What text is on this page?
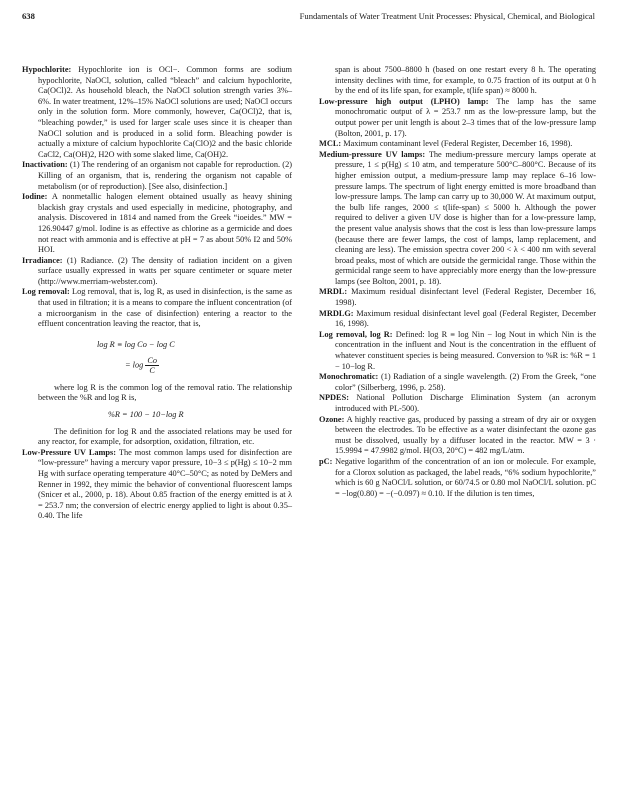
638	Fundamentals of Water Treatment Unit Processes: Physical, Chemical, and Biological

Hypochlorite: Hypochlorite ion is OCl−. Common forms are sodium hypochlorite, NaOCl, solution, called “bleach” and calcium hypochlorite, Ca(OCl)2. As household bleach, the NaOCl solution strength varies 3%–6%. In water treatment, 12%–15% NaOCl solutions are used; NaOCl occurs only in the solution form. More commonly, however, Ca(OCl)2, that is, “bleaching powder,” is used for larger scale uses since it is cheaper than NaOCl solution and is produced in a solid form. Bleaching powder is actually a mixture of calcium hypochlorite Ca(ClO)2 and the basic chloride CaCl2, Ca(OH)2, H2O with some slaked lime, Ca(OH)2.

Inactivation: (1) The rendering of an organism not capable for reproduction. (2) Killing of an organism, that is, rendering the organism not capable of metabolism (or of reproduction). [See also, disinfection.]

Iodine: A nonmetallic halogen element obtained usually as heavy shining blackish gray crystals and used especially in medicine, photography, and analysis. Discovered in 1814 and named from the Greek “ioeides.” MW = 126.90447 g/mol. Iodine is as effective as chlorine as a germicide and does not react with ammonia and is effective at pH = 7 as about 50% I2 and 50% HOI.

Irradiance: (1) Radiance. (2) The density of radiation incident on a given surface usually expressed in watts per square centimeter or square meter (http://www.merriam-webster.com).

Log removal: Log removal, that is, log R, as used in disinfection, is the same as that used in filtration; it is a means to compare the influent concentration (of a microorganism in the case of disinfection) entering a reactor to the effluent concentration leaving the reactor, that is,

log R ≡ log Co − log C
= $\log \frac{Co}{C}$

where log R is the common log of the removal ratio. The relationship between the %R and log R is,

%R = 100 − 10−log R

The definition for log R and the associated relations may be used for any reactor, for example, for adsorption, oxidation, filtration, etc.

Low-Pressure UV Lamps: The most common lamps used for disinfection are “low-pressure” having a mercury vapor pressure, 10−3 ≤ p(Hg) ≤ 10−2 mm Hg with surface operating temperature 40°C–50°C; as noted by DeMers and Renner in 1992, they mimic the behavior of conventional fluorescent lamps (Snicer et al., 2000, p. 18). About 0.85 fraction of the energy emitted is at λ = 253.7 nm; the conversion of electric energy applied to light is about 0.35–0.40. The life

span is about 7500–8800 h (based on one restart every 8 h. The operating intensity declines with time, for example, to 0.75 fraction of its output at 0 h by the end of its life span, for example, t(life span) ≈ 8000 h.

Low-pressure high output (LPHO) lamp: The lamp has the same monochromatic output of λ = 253.7 nm as the low-pressure lamp, but the output power per unit length is about 2–3 times that of the low-pressure lamp (Bolton, 2001, p. 17).

MCL: Maximum contaminant level (Federal Register, December 16, 1998).

Medium-pressure UV lamps: The medium-pressure mercury lamps operate at pressure, 1 ≤ p(Hg) ≤ 10 atm, and temperature 500°C–800°C. Because of its higher emission output, a medium-pressure lamp may replace 6–16 low-pressure lamps. The spectrum of light energy emitted is more broadband than low-pressure lamps. The lamp can carry up to 30,000 W. At maximum output, the bulb life ranges, 2000 ≤ t(life-span) ≤ 5000 h. Although the power required to deliver a given UV dose is higher than for a low-pressure lamp, the present value analysis shows that the cost is less than low-pressure lamps (because there are fewer lamps, the cost of lamps, lamp replacement, and cleaning are less). The emission spectra cover 200 < λ < 400 nm with several broad peaks, most of which are outside the germicidal range. Those within the germicidal range seem to have appreciably more energy than the low-pressure lamps (see Bolton, 2001, p. 18).

MRDL: Maximum residual disinfectant level (Federal Register, December 16, 1998).

MRDLG: Maximum residual disinfectant level goal (Federal Register, December 16, 1998).

Log removal, log R: Defined: log R ≡ log Nin − log Nout in which Nin is the concentration in the influent and Nout is the concentration in the effluent of whatever constituent species is being measured. Conversion to %R is: %R = 1 − 10−log R.

Monochromatic: (1) Radiation of a single wavelength. (2) From the Greek, “one color” (Silberberg, 1996, p. 258).

NPDES: National Pollution Discharge Elimination System (an acronym introduced with PL-500).

Ozone: A highly reactive gas, produced by passing a stream of dry air or oxygen between the electrodes. To be effective as a water disinfectant the ozone gas must be dissolved, usually by a diffuser located in the reactor. MW = 3 · 15.9994 = 47.9982 g/mol. H(O3, 20°C) = 482 mg/L/atm.

pC: Negative logarithm of the concentration of an ion or molecule. For example, for a Clorox solution as packaged, the label reads, “6% sodium hypochlorite,” which is 60 g NaOCl/L solution, or 60/74.5 or 0.80 mol NaOCl/L solution. pC = −log(0.80) = −(−0.097) ≈ 0.10. If the dilution is ten times,
